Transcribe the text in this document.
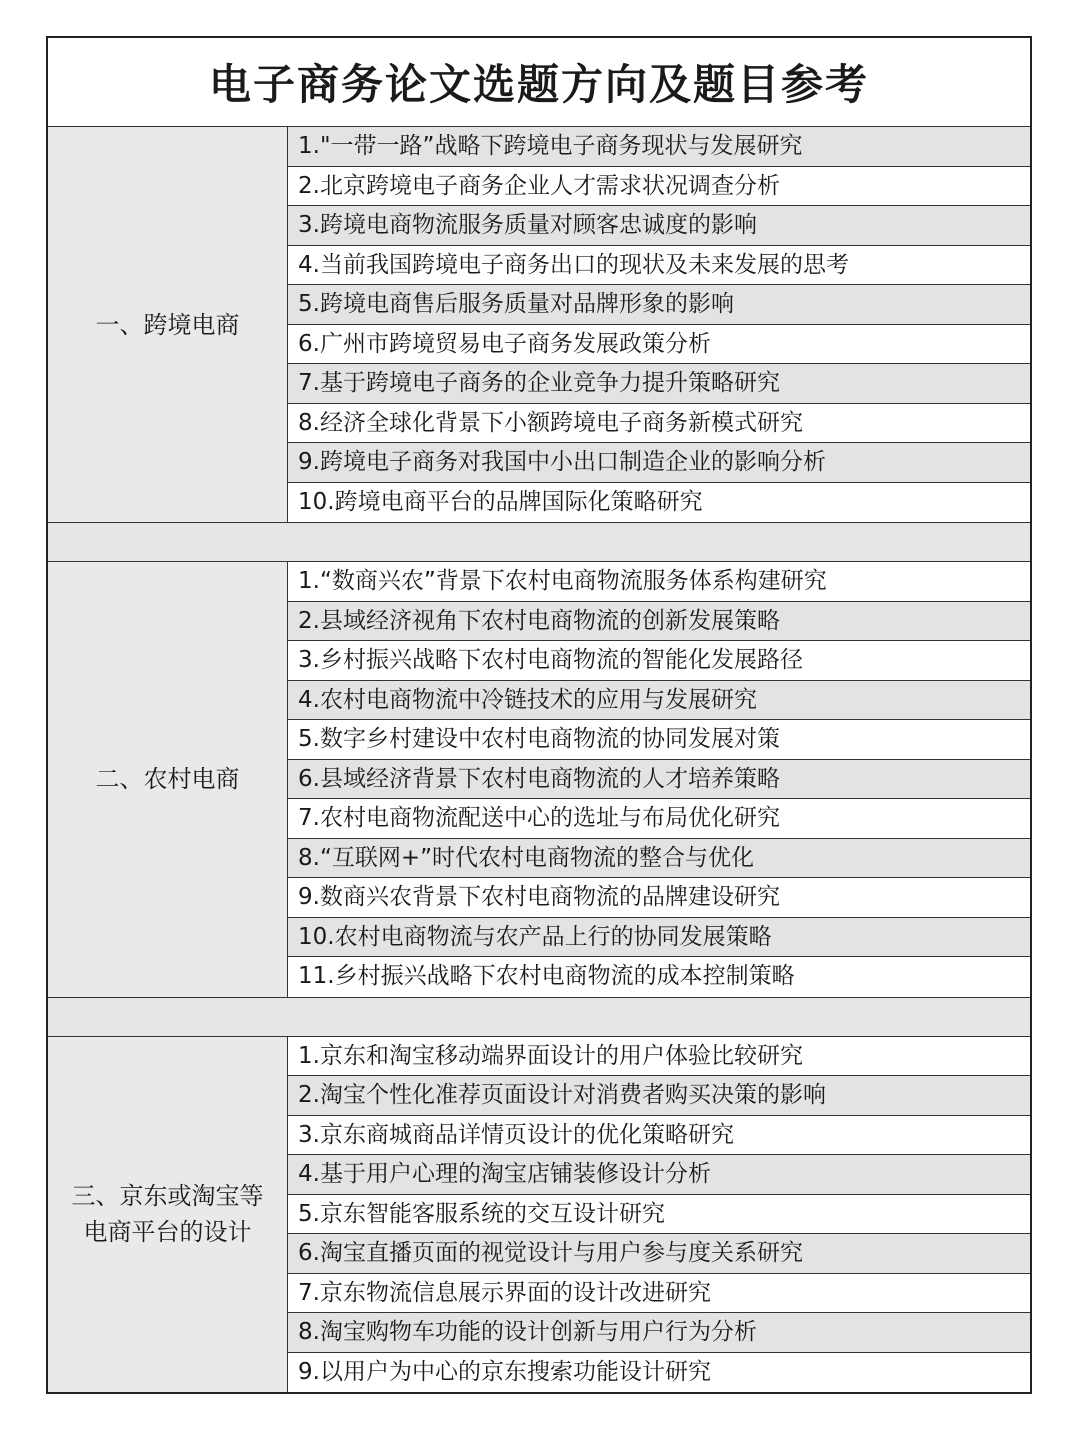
电子商务论文选题方向及题目参考
一、跨境电商
1."一带一路”战略下跨境电子商务现状与发展研究
2.北京跨境电子商务企业人才需求状况调查分析
3.跨境电商物流服务质量对顾客忠诚度的影响
4.当前我国跨境电子商务出口的现状及未来发展的思考
5.跨境电商售后服务质量对品牌形象的影响
6.广州市跨境贸易电子商务发展政策分析
7.基于跨境电子商务的企业竞争力提升策略研究
8.经济全球化背景下小额跨境电子商务新模式研究
9.跨境电子商务对我国中小出口制造企业的影响分析
10.跨境电商平台的品牌国际化策略研究
二、农村电商
1.“数商兴农”背景下农村电商物流服务体系构建研究
2.县域经济视角下农村电商物流的创新发展策略
3.乡村振兴战略下农村电商物流的智能化发展路径
4.农村电商物流中冷链技术的应用与发展研究
5.数字乡村建设中农村电商物流的协同发展对策
6.县域经济背景下农村电商物流的人才培养策略
7.农村电商物流配送中心的选址与布局优化研究
8.“互联网+”时代农村电商物流的整合与优化
9.数商兴农背景下农村电商物流的品牌建设研究
10.农村电商物流与农产品上行的协同发展策略
11.乡村振兴战略下农村电商物流的成本控制策略
三、京东或淘宝等
电商平台的设计
1.京东和淘宝移动端界面设计的用户体验比较研究
2.淘宝个性化准荐页面设计对消费者购买决策的影响
3.京东商城商品详情页设计的优化策略研究
4.基于用户心理的淘宝店铺装修设计分析
5.京东智能客服系统的交互设计研究
6.淘宝直播页面的视觉设计与用户参与度关系研究
7.京东物流信息展示界面的设计改进研究
8.淘宝购物车功能的设计创新与用户行为分析
9.以用户为中心的京东搜索功能设计研究
